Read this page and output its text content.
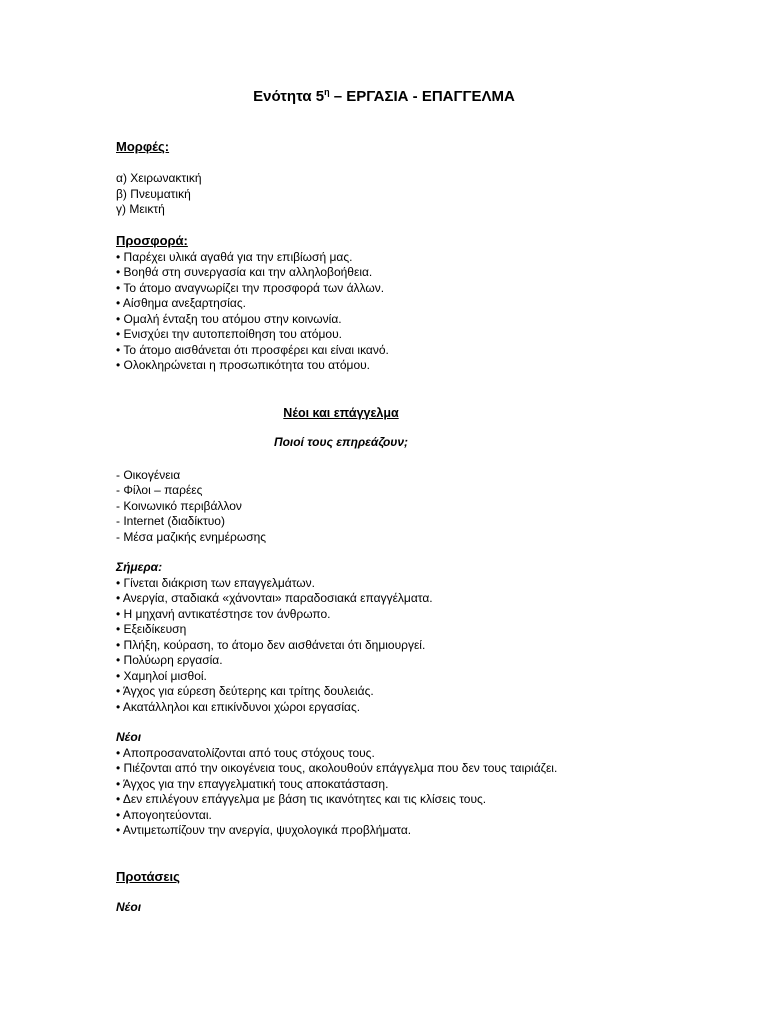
Ενότητα $5^\eta$ – ΕΡΓΑΣΙΑ - ΕΠΑΓΓΕΛΜΑ
Μορφές:
α) Χειρωνακτική
β) Πνευματική
γ) Μεικτή
Προσφορά:
• Παρέχει υλικά αγαθά για την επιβίωσή μας.
• Βοηθά στη συνεργασία και την αλληλοβοήθεια.
• Το άτομο αναγνωρίζει την προσφορά των άλλων.
• Αίσθημα ανεξαρτησίας.
• Ομαλή ένταξη του ατόμου στην κοινωνία.
• Ενισχύει την αυτοπεποίθηση του ατόμου.
• Το άτομο αισθάνεται ότι προσφέρει και είναι ικανό.
• Ολοκληρώνεται η προσωπικότητα του ατόμου.
Νέοι και επάγγελμα
Ποιοί τους επηρεάζουν;
- Οικογένεια
- Φίλοι – παρέες
- Κοινωνικό περιβάλλον
- Internet (διαδίκτυο)
- Μέσα μαζικής ενημέρωσης
Σήμερα:
• Γίνεται διάκριση των επαγγελμάτων.
• Ανεργία, σταδιακά «χάνονται» παραδοσιακά επαγγέλματα.
• Η μηχανή αντικατέστησε τον άνθρωπο.
• Εξειδίκευση
• Πλήξη, κούραση, το άτομο δεν αισθάνεται ότι δημιουργεί.
• Πολύωρη εργασία.
• Χαμηλοί μισθοί.
• Άγχος για εύρεση δεύτερης και τρίτης δουλειάς.
• Ακατάλληλοι και επικίνδυνοι χώροι εργασίας.
Νέοι
• Αποπροσανατολίζονται από τους στόχους τους.
• Πιέζονται από την οικογένεια τους, ακολουθούν επάγγελμα που δεν τους ταιριάζει.
• Άγχος για την επαγγελματική τους αποκατάσταση.
• Δεν επιλέγουν επάγγελμα με βάση τις ικανότητες και τις κλίσεις τους.
• Απογοητεύονται.
• Αντιμετωπίζουν την ανεργία, ψυχολογικά προβλήματα.
Προτάσεις
Νέοι
